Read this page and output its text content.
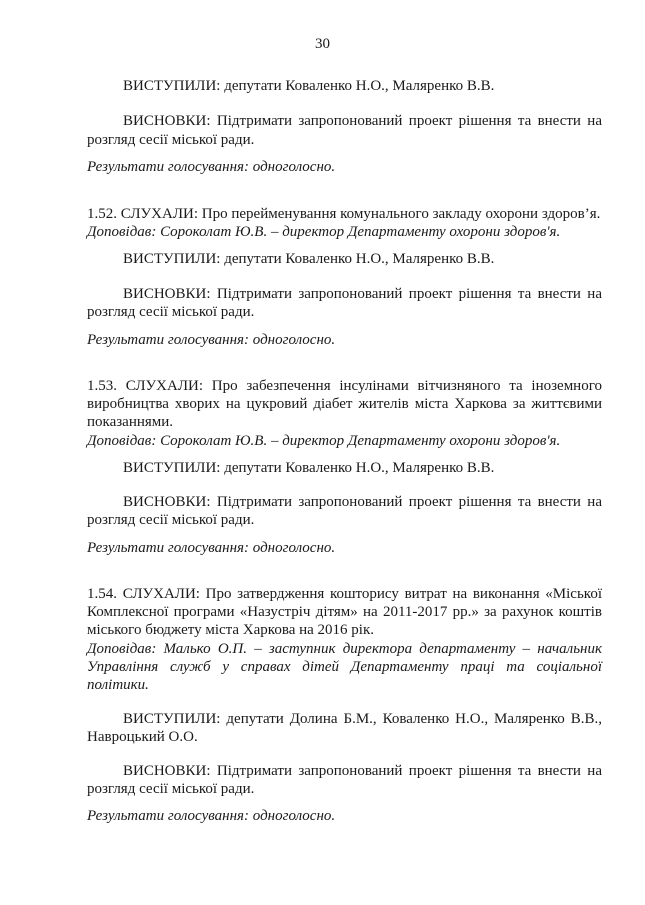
30
ВИСТУПИЛИ: депутати Коваленко Н.О., Маляренко В.В.
ВИСНОВКИ: Підтримати запропонований проект рішення та внести на
розгляд сесії міської ради.
Результати голосування: одноголосно.
1.52. СЛУХАЛИ: Про перейменування комунального закладу охорони здоров’я.
Доповідав: Сороколат Ю.В. – директор Департаменту охорони здоров'я.
ВИСТУПИЛИ: депутати Коваленко Н.О., Маляренко В.В.
ВИСНОВКИ: Підтримати запропонований проект рішення та внести на
розгляд сесії міської ради.
Результати голосування: одноголосно.
1.53. СЛУХАЛИ: Про забезпечення інсулінами вітчизняного та іноземного
виробництва хворих на цукровий діабет жителів міста Харкова за життєвими
показаннями.
Доповідав: Сороколат Ю.В. – директор Департаменту охорони здоров'я.
ВИСТУПИЛИ: депутати Коваленко Н.О., Маляренко В.В.
ВИСНОВКИ: Підтримати запропонований проект рішення та внести на
розгляд сесії міської ради.
Результати голосування: одноголосно.
1.54. СЛУХАЛИ: Про затвердження кошторису витрат на виконання «Міської
Комплексної програми «Назустріч дітям» на 2011-2017 рр.» за рахунок коштів
міського бюджету міста Харкова на 2016 рік.
Доповідав: Малько О.П. – заступник директора департаменту – начальник
Управління служб у справах дітей Департаменту праці та соціальної
політики.
ВИСТУПИЛИ: депутати Долина Б.М., Коваленко Н.О., Маляренко В.В.,
Навроцький О.О.
ВИСНОВКИ: Підтримати запропонований проект рішення та внести на
розгляд сесії міської ради.
Результати голосування: одноголосно.
